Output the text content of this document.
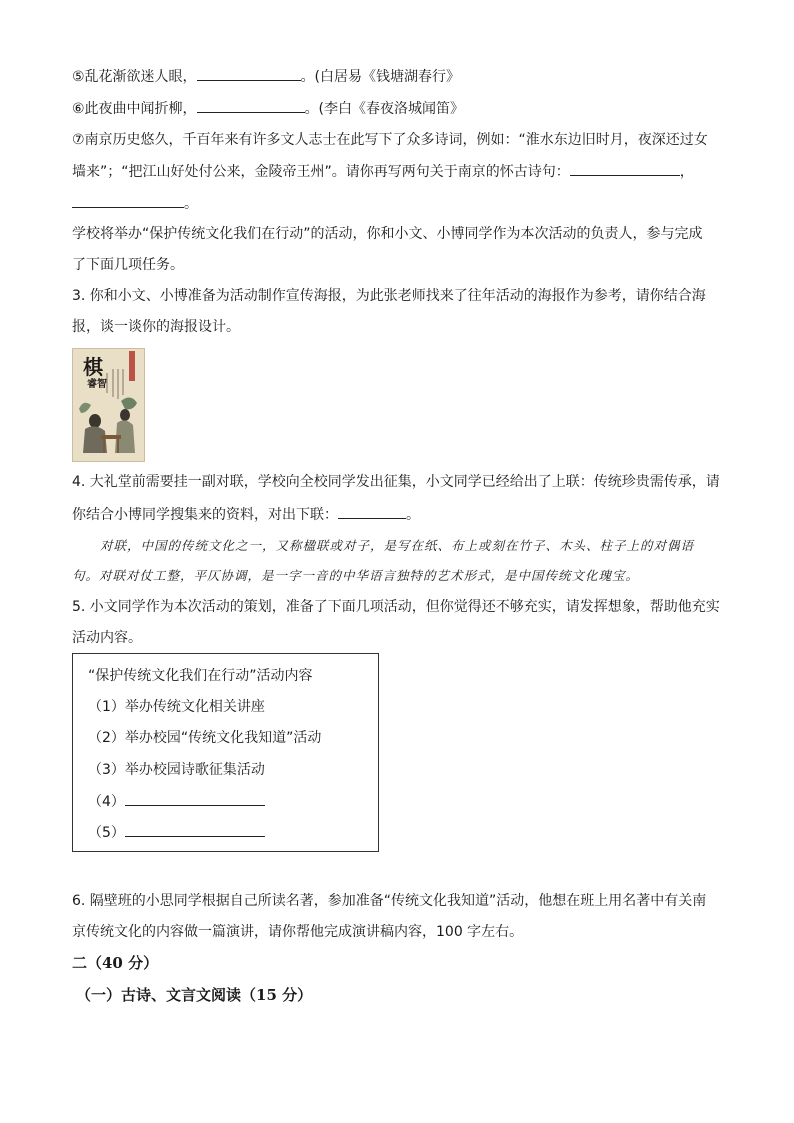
⑤乱花渐欲迷人眼，	。(白居易《钱塘湖春行》
⑥此夜曲中闻折柳，	。(李白《春夜洛城闻笛》
⑦南京历史悠久，千百年来有许多文人志士在此写下了众多诗词，例如：“淮水东边旧时月，夜深还过女
墙来”；“把江山好处付公来，金陵帝王州”。请你再写两句关于南京的怀古诗句：	，
。
学校将举办“保护传统文化我们在行动”的活动，你和小文、小博同学作为本次活动的负责人，参与完成
了下面几项任务。
3. 你和小文、小博准备为活动制作宣传海报，为此张老师找来了往年活动的海报作为参考，请你结合海
报，谈一谈你的海报设计。
棋
睿智
4. 大礼堂前需要挂一副对联，学校向全校同学发出征集，小文同学已经给出了上联：传统珍贵需传承，请
你结合小博同学搜集来的资料，对出下联：	。
对联，中国的传统文化之一，又称楹联或对子，是写在纸、布上或刻在竹子、木头、柱子上的对偶语
句。对联对仗工整，平仄协调，是一字一音的中华语言独特的艺术形式，是中国传统文化瑰宝。
5. 小文同学作为本次活动的策划，准备了下面几项活动，但你觉得还不够充实，请发挥想象，帮助他充实
活动内容。
“保护传统文化我们在行动”活动内容
（1）举办传统文化相关讲座
（2）举办校园“传统文化我知道”活动
（3）举办校园诗歌征集活动
（4）
（5）
6. 隔壁班的小思同学根据自己所读名著，参加准备“传统文化我知道”活动，他想在班上用名著中有关南
京传统文化的内容做一篇演讲，请你帮他完成演讲稿内容，100 字左右。
二（40 分）
（一）古诗、文言文阅读（15 分）
